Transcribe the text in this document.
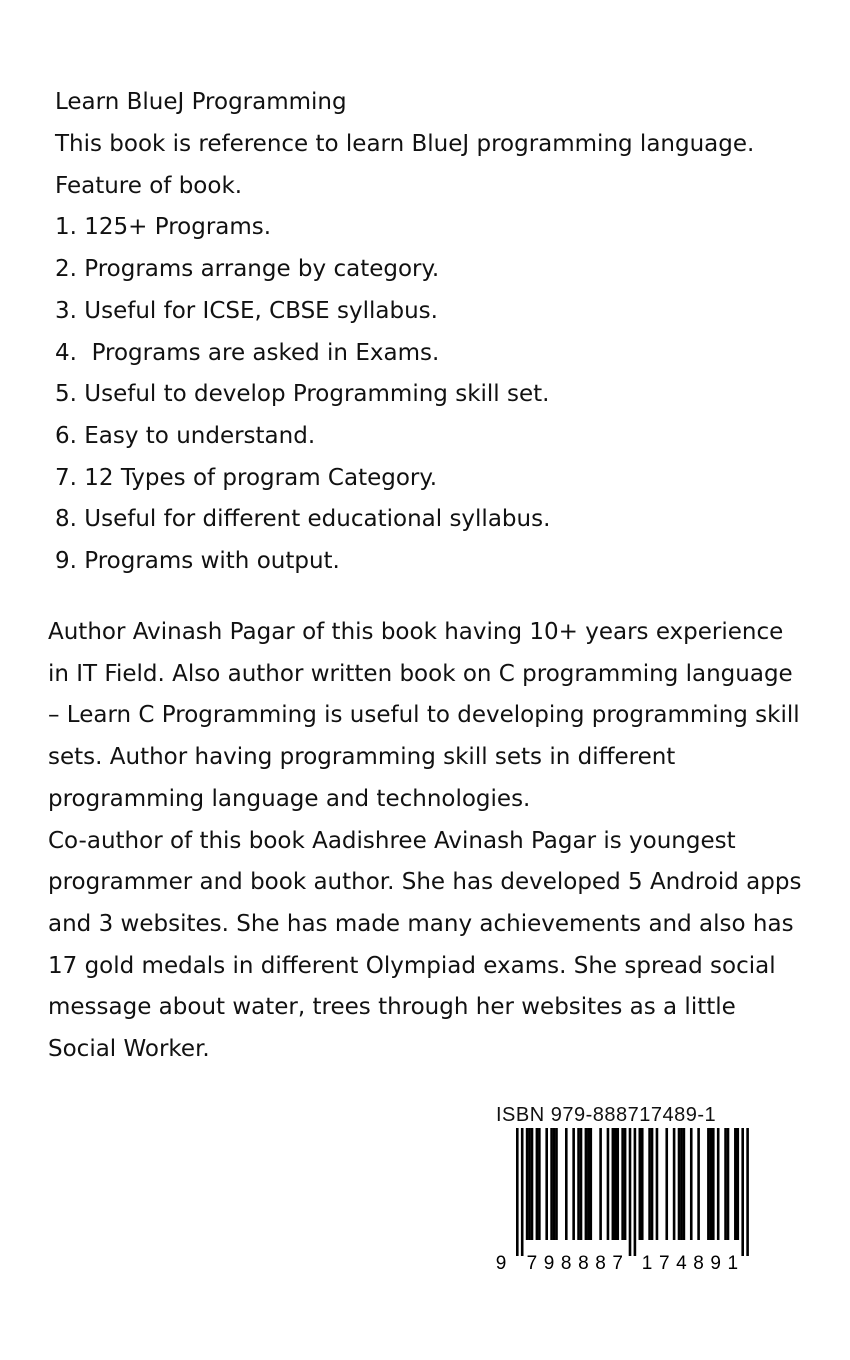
Learn BlueJ Programming
This book is reference to learn BlueJ programming language.
Feature of book.
1. 125+ Programs.
2. Programs arrange by category.
3. Useful for ICSE, CBSE syllabus.
4.  Programs are asked in Exams.
5. Useful to develop Programming skill set.
6. Easy to understand.
7. 12 Types of program Category.
8. Useful for different educational syllabus.
9. Programs with output.

Author Avinash Pagar of this book having 10+ years experience in IT Field. Also author written book on C programming language – Learn C Programming is useful to developing programming skill sets. Author having programming skill sets in different programming language and technologies.

Co-author of this book Aadishree Avinash Pagar is youngest programmer and book author. She has developed 5 Android apps and 3 websites. She has made many achievements and also has 17 gold medals in different Olympiad exams. She spread social message about water, trees through her websites as a little Social Worker.

ISBN 979-888717489-1
9 7 9 8 8 8 7 1 7 4 8 9 1
